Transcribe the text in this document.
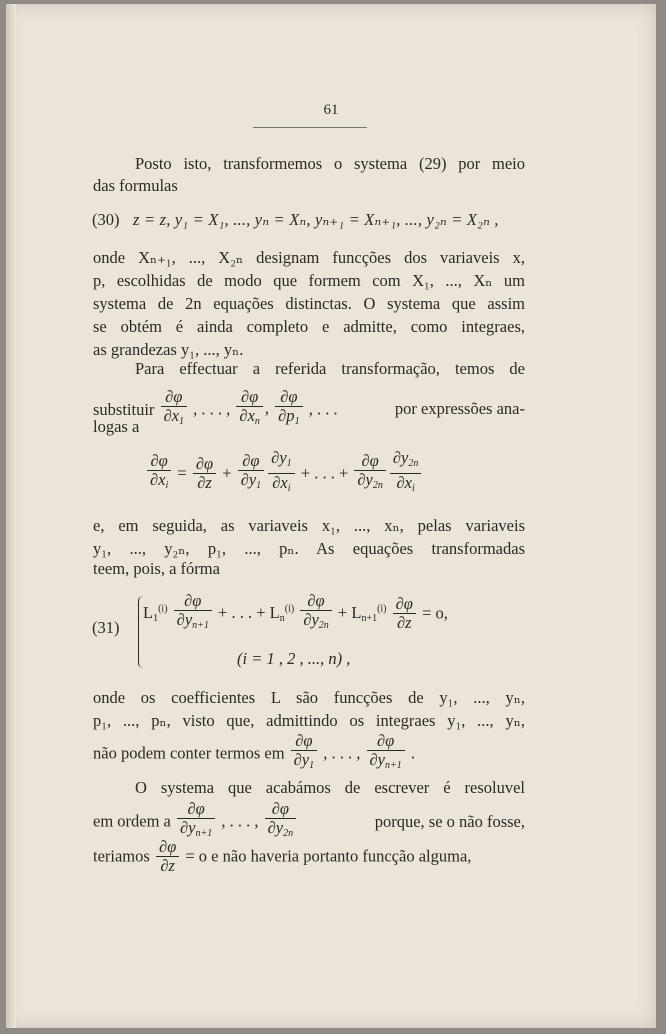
61
Posto isto, transformemos o systema (29) por meio
das formulas
(30) z = z, y₁ = X₁, ..., yₙ = Xₙ, yₙ₊₁ = Xₙ₊₁, ..., y₂ₙ = X₂ₙ ,
onde Xₙ₊₁, ..., X₂ₙ designam funcções dos variaveis x,
p, escolhidas de modo que formem com X₁, ..., Xₙ um
systema de 2n equações distinctas. O systema que assim
se obtém é ainda completo e admitte, como integraes,
as grandezas y₁, ..., yₙ.
Para effectuar a referida transformação, temos de
substituir $\frac{\partial\varphi}{\partial x_1}$ , . . . , $\frac{\partial\varphi}{\partial x_n}$ , $\frac{\partial\varphi}{\partial p_1}$ , . . .	por expressões ana-
logas a
$\frac{\partial\varphi}{\partial x_i} = \frac{\partial\varphi}{\partial z} + \frac{\partial\varphi}{\partial y_1} \frac{\partial y_1}{\partial x_i}$ + . . . + $\frac{\partial\varphi}{\partial y_{2n}} \frac{\partial y_{2n}}{\partial x_i}$
e, em seguida, as variaveis x₁, ..., xₙ, pelas variaveis
y₁, ..., y₂ₙ, p₁, ..., pₙ. As equações transformadas
teem, pois, a fórma
(31)
$L_1^{(i)} \frac{\partial\varphi}{\partial y_{n+1}}$ + . . . + $L_n^{(i)} \frac{\partial\varphi}{\partial y_{2n}} + L_{n+1}^{(i)} \frac{\partial\varphi}{\partial z} = o$,
(i = 1 , 2 , ..., n) ,
onde os coefficientes L são funcções de y₁, ..., yₙ,
p₁, ..., pₙ, visto que, admittindo os integraes y₁, ..., yₙ,
não podem conter termos em $\frac{\partial\varphi}{\partial y_1}$ , . . . , $\frac{\partial\varphi}{\partial y_{n+1}}$ .
O systema que acabámos de escrever é resoluvel
em ordem a $\frac{\partial\varphi}{\partial y_{n+1}}$ , . . . , $\frac{\partial\varphi}{\partial y_{2n}}$	porque, se o não fosse,
teriamos $\frac{\partial\varphi}{\partial z} = o$ e não haveria portanto funcção alguma,
